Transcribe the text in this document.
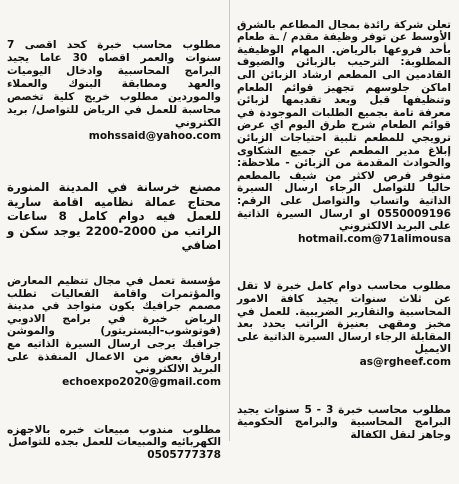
تعلن شركة رائدة بمجال المطاعم بالشرق الأوسط عن توفر وظيفة مقدم / ـة طعام بأحد فروعها بالرياض. المهام الوظيفية المطلوبة: الترحيب بالزبائن والضيوف القادمين الى المطعم ارشاد الزبائن الى اماكن جلوسهم تجهيز قوائم الطعام وتنظيفها قبل وبعد تقديمها لزبائن معرفة تامة بجميع الطلبات الموجودة في قوائم الطعام شرح طرق اليوم اي عرض ترويجي للمطعم تلبية احتياجات الزبائن إبلاغ مدير المطعم عن جميع الشكاوى والحوادث المقدمة من الزبائن - ملاحظة: متوفر فرص لاكثر من شيف بالمطعم حاليا للتواصل الرجاء ارسال السيرة الذاتية واتساب والتواصل على الرقم: 0550009196 او ارسال السيرة الذاتية على البريد الالكتروني

hotmail.com@71alimousa

مطلوب محاسب دوام كامل خبرة لا تقل عن ثلاث سنوات يجيد كافة الامور المحاسبية والتقارير الضريبية. للعمل في مخبز ومقهى بعنيزة الراتب يحدد بعد المقابلة الرجاء ارسال السيرة الذاتية على الايميل

as@rgheef.com

مطلوب محاسب خبرة 3 - 5 سنوات يجيد البرامج المحاسبية والبرامج الحكومية وجاهز لنقل الكفالة

مطلوب محاسب خبرة كحد اقصى 7 سنوات والعمر اقصاه 30 عاما يجيد البرامج المحاسبية وادخال اليوميات والعهد ومطابقة البنوك والعملاء والموردين مطلوب خريج كلية تخصص محاسبة للعمل في الرياض للتواصل/ بريد الكتروني

mohssaid@yahoo.com

مصنع خرسانة في المدينة المنورة محتاج عمالة نظاميه اقامة سارية للعمل فيه دوام كامل 8 ساعات الراتب من 2000-2200 يوجد سكن و اضافي

مؤسسة تعمل في مجال تنظيم المعارض والمؤتمرات واقامة الفعاليات تطلب مصمم جرافيك يكون متواجد في مدينة الرياض خبرة في برامج الادوبي (فوتوشوب-اليستريتور) والموشن جرافيك يرجى ارسال السيرة الذاتيه مع ارفاق بعض من الاعمال المنفذة على البريد الالكتروني

echoexpo2020@gmail.com

مطلوب مندوب مبيعات خبره بالاجهزه الكهربائيه والمبيعات للعمل بجده للتواصل

0505777378
